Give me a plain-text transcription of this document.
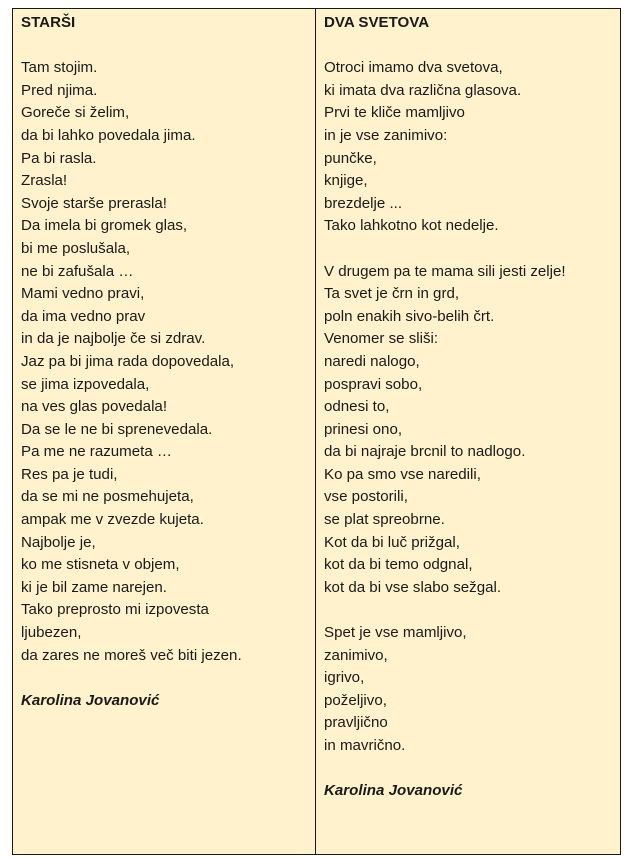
STARŠI
Tam stojim.
Pred njima.
Goreče si želim,
da bi lahko povedala jima.
Pa bi rasla.
Zrasla!
Svoje starše prerasla!
Da imela bi gromek glas,
bi me poslušala,
ne bi zafušala …
Mami vedno pravi,
da ima vedno prav
in da je najbolje če si zdrav.
Jaz pa bi jima rada dopovedala,
se jima izpovedala,
na ves glas povedala!
Da se le ne bi sprenevedala.
Pa me ne razumeta …
Res pa je tudi,
da se mi ne posmehujeta,
ampak me v zvezde kujeta.
Najbolje je,
ko me stisneta v objem,
ki je bil zame narejen.
Tako preprosto mi izpovesta
ljubezen,
da zares ne moreš več biti jezen.
Karolina Jovanović
DVA SVETOVA
Otroci imamo dva svetova,
ki imata dva različna glasova.
Prvi te kliče mamljivo
in je vse zanimivo:
punčke,
knjige,
brezdelje ...
Tako lahkotno kot nedelje.
V drugem pa te mama sili jesti zelje!
Ta svet je črn in grd,
poln enakih sivo-belih črt.
Venomer se sliši:
naredi nalogo,
pospravi sobo,
odnesi to,
prinesi ono,
da bi najraje brcnil to nadlogo.
Ko pa smo vse naredili,
vse postorili,
se plat spreobrne.
Kot da bi luč prižgal,
kot da bi temo odgnal,
kot da bi vse slabo sežgal.
Spet je vse mamljivo,
zanimivo,
igrivo,
poželjivo,
pravljično
in mavrično.
Karolina Jovanović
